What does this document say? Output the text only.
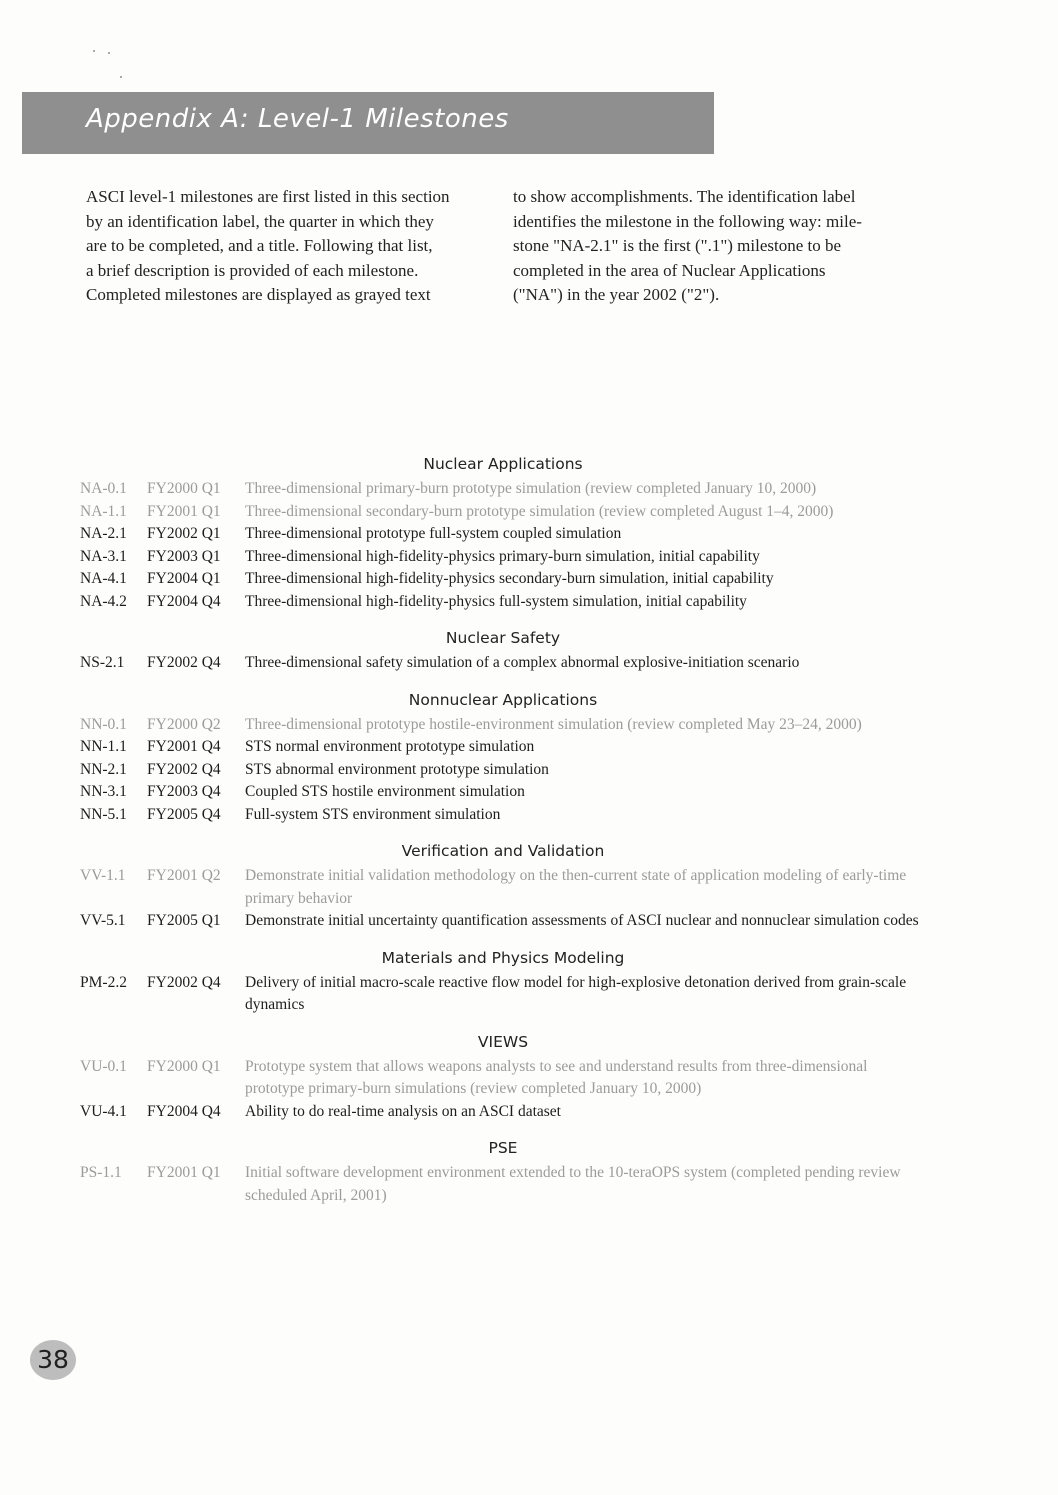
Appendix A: Level-1 Milestones
ASCI level-1 milestones are first listed in this section
by an identification label, the quarter in which they
are to be completed, and a title. Following that list,
a brief description is provided of each milestone.
Completed milestones are displayed as grayed text
to show accomplishments. The identification label
identifies the milestone in the following way: mile-
stone "NA-2.1" is the first (".1") milestone to be
completed in the area of Nuclear Applications
("NA") in the year 2002 ("2").
Nuclear Applications
NA-0.1	FY2000 Q1	Three-dimensional primary-burn prototype simulation (review completed January 10, 2000)
NA-1.1	FY2001 Q1	Three-dimensional secondary-burn prototype simulation (review completed August 1–4, 2000)
NA-2.1	FY2002 Q1	Three-dimensional prototype full-system coupled simulation
NA-3.1	FY2003 Q1	Three-dimensional high-fidelity-physics primary-burn simulation, initial capability
NA-4.1	FY2004 Q1	Three-dimensional high-fidelity-physics secondary-burn simulation, initial capability
NA-4.2	FY2004 Q4	Three-dimensional high-fidelity-physics full-system simulation, initial capability
Nuclear Safety
NS-2.1	FY2002 Q4	Three-dimensional safety simulation of a complex abnormal explosive-initiation scenario
Nonnuclear Applications
NN-0.1	FY2000 Q2	Three-dimensional prototype hostile-environment simulation (review completed May 23–24, 2000)
NN-1.1	FY2001 Q4	STS normal environment prototype simulation
NN-2.1	FY2002 Q4	STS abnormal environment prototype simulation
NN-3.1	FY2003 Q4	Coupled STS hostile environment simulation
NN-5.1	FY2005 Q4	Full-system STS environment simulation
Verification and Validation
VV-1.1	FY2001 Q2	Demonstrate initial validation methodology on the then-current state of application modeling of early-time primary behavior
VV-5.1	FY2005 Q1	Demonstrate initial uncertainty quantification assessments of ASCI nuclear and nonnuclear simulation codes
Materials and Physics Modeling
PM-2.2	FY2002 Q4	Delivery of initial macro-scale reactive flow model for high-explosive detonation derived from grain-scale dynamics
VIEWS
VU-0.1	FY2000 Q1	Prototype system that allows weapons analysts to see and understand results from three-dimensional prototype primary-burn simulations (review completed January 10, 2000)
VU-4.1	FY2004 Q4	Ability to do real-time analysis on an ASCI dataset
PSE
PS-1.1	FY2001 Q1	Initial software development environment extended to the 10-teraOPS system (completed pending review scheduled April, 2001)
38
